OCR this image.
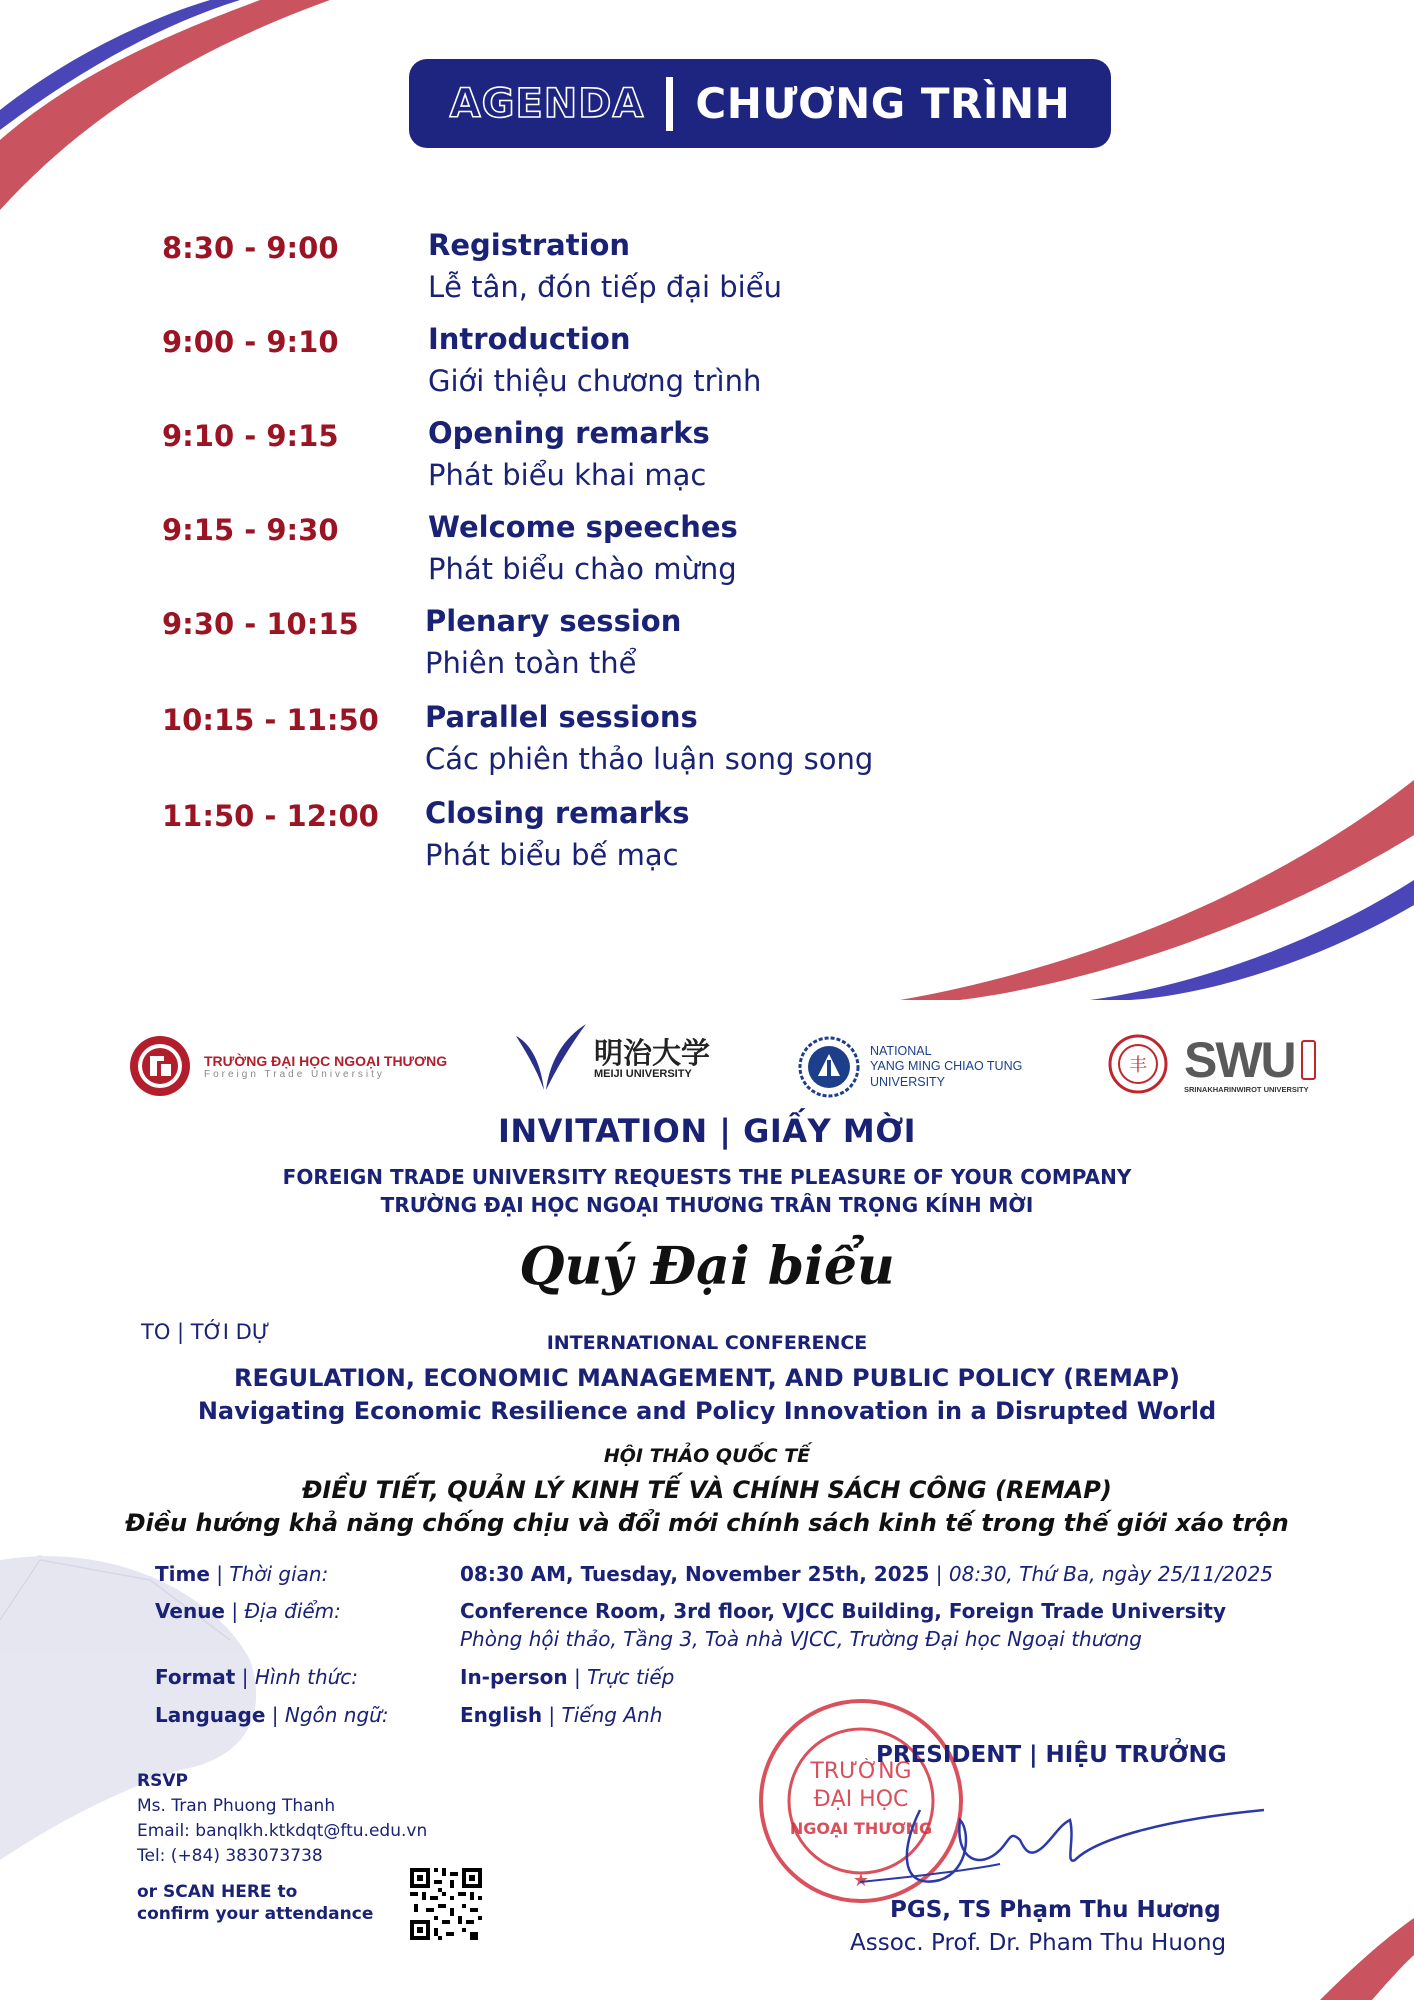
AGENDA CHƯƠNG TRÌNH
8:30 - 9:00	Registration
Lễ tân, đón tiếp đại biểu
9:00 - 9:10	Introduction
Giới thiệu chương trình
9:10 - 9:15	Opening remarks
Phát biểu khai mạc
9:15 - 9:30	Welcome speeches
Phát biểu chào mừng
9:30 - 10:15 Plenary session
Phiên toàn thể
10:15 - 11:50 Parallel sessions
Các phiên thảo luận song song
11:50 - 12:00 Closing remarks
Phát biểu bế mạc
TRƯỜNG ĐẠI HỌC NGOẠI THƯƠNG
Foreign Trade University
明治大学
MEIJI UNIVERSITY
NATIONAL
YANG MING CHIAO TUNG
UNIVERSITY
丰 SWU
SRINAKHARINWIROT UNIVERSITY
INVITATION | GIẤY MỜI
FOREIGN TRADE UNIVERSITY REQUESTS THE PLEASURE OF YOUR COMPANY
TRƯỜNG ĐẠI HỌC NGOẠI THƯƠNG TRÂN TRỌNG KÍNH MỜI
Quý Đại biểu
TO | TỚI DỰ	INTERNATIONAL CONFERENCE
REGULATION, ECONOMIC MANAGEMENT, AND PUBLIC POLICY (REMAP)
Navigating Economic Resilience and Policy Innovation in a Disrupted World
HỘI THẢO QUỐC TẾ
ĐIỀU TIẾT, QUẢN LÝ KINH TẾ VÀ CHÍNH SÁCH CÔNG (REMAP)
Điều hướng khả năng chống chịu và đổi mới chính sách kinh tế trong thế giới xáo trộn
Time | Thời gian:	08:30 AM, Tuesday, November 25th, 2025 | 08:30, Thứ Ba, ngày 25/11/2025
Venue | Địa điểm:	Conference Room, 3rd floor, VJCC Building, Foreign Trade University
Phòng hội thảo, Tầng 3, Toà nhà VJCC, Trường Đại học Ngoại thương
Format | Hình thức:	In-person | Trực tiếp
Language | Ngôn ngữ:	English | Tiếng Anh
RSVP
Ms. Tran Phuong Thanh
Email: banqlkh.ktkdqt@ftu.edu.vn
Tel: (+84) 383073738
or SCAN HERE to
confirm your attendance
TRƯỜNG
ĐẠI HỌC
NGOẠI THƯƠNG
★
PRESIDENT | HIỆU TRƯỞNG
PGS, TS Phạm Thu Hương
Assoc. Prof. Dr. Pham Thu Huong
